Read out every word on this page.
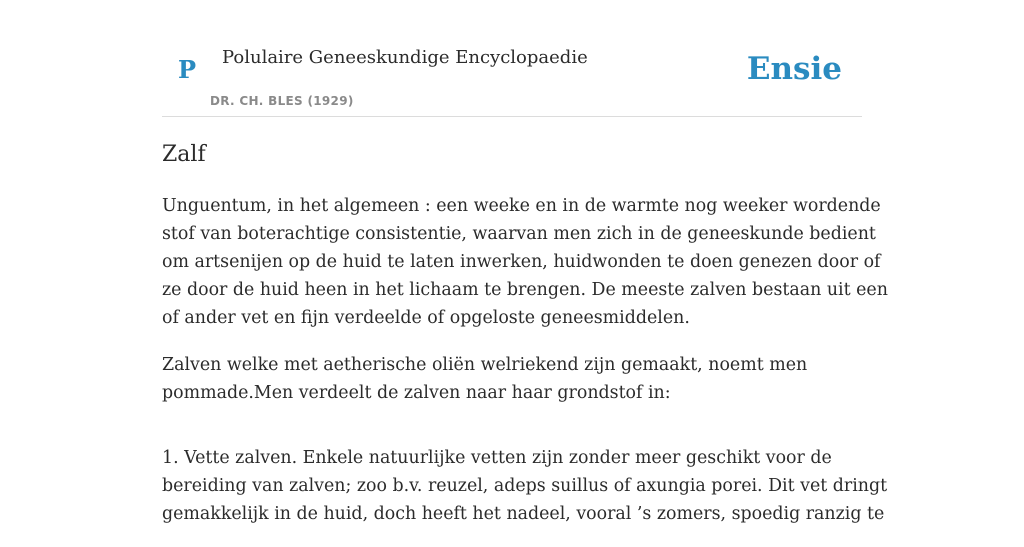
P Polulaire Geneeskundige Encyclopaedie
DR. CH. BLES (1929)
Ensie
Zalf

Unguentum, in het algemeen : een weeke en in de warmte nog weeker wordende
stof van boterachtige consistentie, waarvan men zich in de geneeskunde bedient
om artsenijen op de huid te laten inwerken, huidwonden te doen genezen door of
ze door de huid heen in het lichaam te brengen. De meeste zalven bestaan uit een
of ander vet en fijn verdeelde of opgeloste geneesmiddelen.

Zalven welke met aetherische oliën welriekend zijn gemaakt, noemt men
pommade.Men verdeelt de zalven naar haar grondstof in:

1. Vette zalven. Enkele natuurlijke vetten zijn zonder meer geschikt voor de
bereiding van zalven; zoo b.v. reuzel, adeps suillus of axungia porei. Dit vet dringt
gemakkelijk in de huid, doch heeft het nadeel, vooral ’s zomers, spoedig ranzig te
